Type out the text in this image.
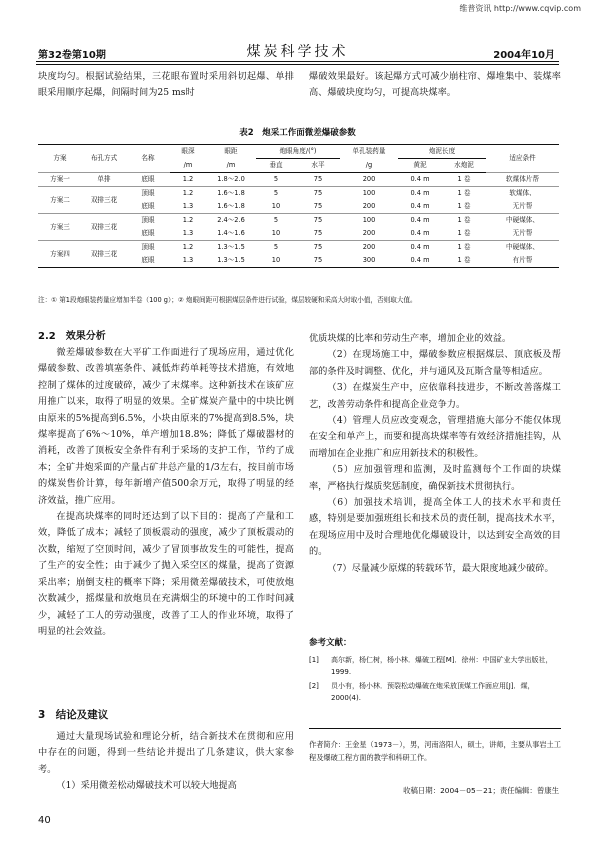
维普资讯 http://www.cqvip.com
第32卷第10期	煤炭科学技术	2004年10月

块度均匀。根据试验结果，三花眼布置时采用斜切起爆、单排眼采用顺序起爆，间隔时间为25 ms时

爆破效果最好。该起爆方式可减少崩柱帘、爆堆集中、装煤率高、爆破块度均匀，可提高块煤率。

表2　炮采工作面微差爆破参数
方案	布孔方式	名称	眼深	眼距	炮眼角度/(°)		单孔装药量	炮泥长度		适应条件
			/m	/m	垂直	水平	/g	黄泥	水炮泥	
方案一	单排	底眼	1.2	1.8～2.0	5	75	200	0.4 m	1 卷	软煤体片帮
方案二	双排三花	顶眼	1.2	1.6～1.8	5	75	100	0.4 m	1 卷	软煤体、
		底眼	1.3	1.6～1.8	10	75	200	0.4 m	1 卷	无片帮
方案三	双排三花	顶眼	1.2	2.4～2.6	5	75	100	0.4 m	1 卷	中硬煤体、
		底眼	1.3	1.4～1.6	10	75	200	0.4 m	1 卷	无片帮
方案四	双排三花	顶眼	1.2	1.3～1.5	5	75	200	0.4 m	1 卷	中硬煤体、
		底眼	1.3	1.3～1.5	10	75	300	0.4 m	1 卷	有片帮
注：① 第1段炮眼装药量应增加半卷（100 g）；② 炮眼间距可根据煤层条件进行试验，煤层较硬和采高大时取小值，否则取大值。
2.2　效果分析

微差爆破参数在大平矿工作面进行了现场应用，通过优化爆破参数、改善填塞条件、减低炸药单耗等技术措施，有效地控制了煤体的过度破碎，减少了末煤率。这种新技术在该矿应用推广以来，取得了明显的效果。全矿煤炭产量中的中块比例由原来的5%提高到6.5%，小块由原来的7%提高到8.5%，块煤率提高了6%～10%，单产增加18.8%；降低了爆破器材的消耗，改善了顶板安全条件有利于采场的支护工作，节约了成本；全矿井炮采面的产量占矿井总产量的1/3左右，按目前市场的煤炭售价计算，每年新增产值500余万元，取得了明显的经济效益，推广应用。

在提高块煤率的同时还达到了以下目的：提高了产量和工效，降低了成本；减轻了顶板震动的强度，减少了顶板震动的次数，缩短了空顶时间，减少了冒顶事故发生的可能性，提高了生产的安全性；由于减少了抛入采空区的煤量，提高了资源采出率；崩倒支柱的概率下降；采用微差爆破技术，可使放炮次数减少，摇煤量和放炮员在充满烟尘的环境中的工作时间减少，减轻了工人的劳动强度，改善了工人的作业环境，取得了明显的社会效益。

3　结论及建议

通过大量现场试验和理论分析，结合新技术在贯彻和应用中存在的问题，得到一些结论并提出了几条建议，供大家参考。

（1）采用微差松动爆破技术可以较大地提高

优质块煤的比率和劳动生产率，增加企业的效益。

（2）在现场施工中，爆破参数应根据煤层、顶底板及帮部的条件及时调整、优化，并与通风及瓦斯含量等相适应。

（3）在煤炭生产中，应依靠科技进步，不断改善落煤工艺，改善劳动条件和提高企业竞争力。

（4）管理人员应改变观念，管理措施大部分不能仅体现在安全和单产上，而要和提高块煤率等有效经济措施挂钩，从而增加在企业推广和应用新技术的积极性。

（5）应加强管理和监测，及时监测每个工作面的块煤率，严格执行煤质奖惩制度，确保新技术贯彻执行。

（6）加强技术培训，提高全体工人的技术水平和责任感，特别是要加强班组长和技术员的责任制，提高技术水平，在现场应用中及时合理地优化爆破设计，以达到安全高效的目的。

（7）尽量减少原煤的转载环节，最大限度地减少破碎。

参考文献：
[1]	高尔新，杨仁树，杨小林．爆破工程[M]．徐州：中国矿业大学出版社，1999.
[2]	员小有，杨小林．预裂松动爆破在炮采放顶煤工作面应用[J]．煤，2000(4).
作者简介：王金星（1973－），男，河南洛阳人，硕士，讲师，主要从事岩土工程及爆破工程方面的教学和科研工作。
收稿日期：2004－05－21；责任编辑：曾康生
40
